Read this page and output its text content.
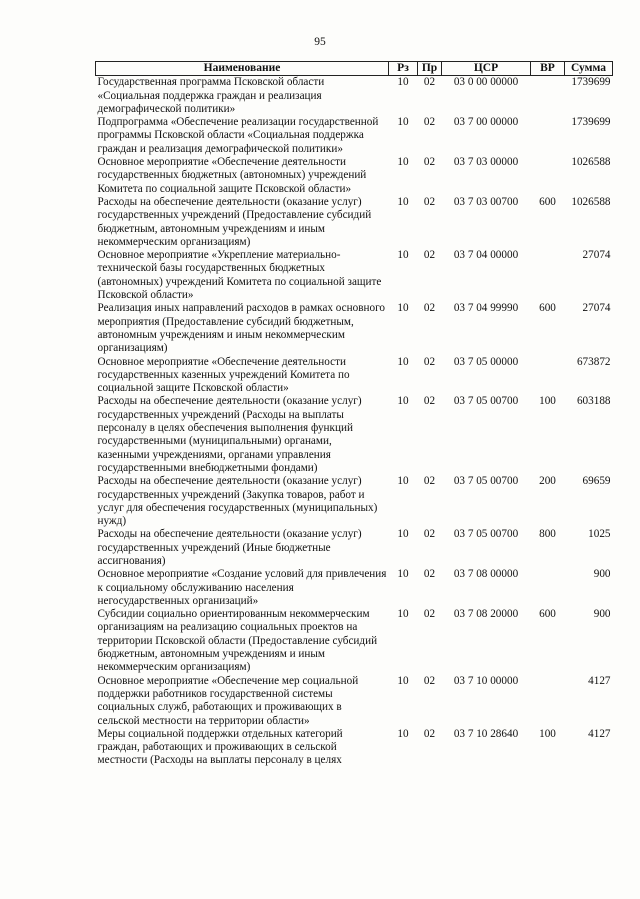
95
Наименование	Рз	Пр	ЦСР	ВР	Сумма
Государственная программа Псковской области «Социальная поддержка граждан и реализация демографической политики»	10	02	03 0 00 00000		1739699
Подпрограмма «Обеспечение реализации государственной программы Псковской области «Социальная поддержка граждан и реализация демографической политики»	10	02	03 7 00 00000		1739699
Основное мероприятие «Обеспечение деятельности государственных бюджетных (автономных) учреждений Комитета по социальной защите Псковской области»	10	02	03 7 03 00000		1026588
Расходы на обеспечение деятельности (оказание услуг) государственных учреждений (Предоставление субсидий бюджетным, автономным учреждениям и иным некоммерческим организациям)	10	02	03 7 03 00700	600	1026588
Основное мероприятие «Укрепление материально-технической базы государственных бюджетных (автономных) учреждений Комитета по социальной защите Псковской области»	10	02	03 7 04 00000		27074
Реализация иных направлений расходов в рамках основного мероприятия (Предоставление субсидий бюджетным, автономным учреждениям и иным некоммерческим организациям)	10	02	03 7 04 99990	600	27074
Основное мероприятие «Обеспечение деятельности государственных казенных учреждений Комитета по социальной защите Псковской области»	10	02	03 7 05 00000		673872
Расходы на обеспечение деятельности (оказание услуг) государственных учреждений (Расходы на выплаты персоналу в целях обеспечения выполнения функций государственными (муниципальными) органами, казенными учреждениями, органами управления государственными внебюджетными фондами)	10	02	03 7 05 00700	100	603188
Расходы на обеспечение деятельности (оказание услуг) государственных учреждений (Закупка товаров, работ и услуг для обеспечения государственных (муниципальных) нужд)	10	02	03 7 05 00700	200	69659
Расходы на обеспечение деятельности (оказание услуг) государственных учреждений (Иные бюджетные ассигнования)	10	02	03 7 05 00700	800	1025
Основное мероприятие «Создание условий для привлечения к социальному обслуживанию населения негосударственных организаций»	10	02	03 7 08 00000		900
Субсидии социально ориентированным некоммерческим организациям на реализацию социальных проектов на территории Псковской области (Предоставление субсидий бюджетным, автономным учреждениям и иным некоммерческим организациям)	10	02	03 7 08 20000	600	900
Основное мероприятие «Обеспечение мер социальной поддержки работников государственной системы социальных служб, работающих и проживающих в сельской местности на территории области»	10	02	03 7 10 00000		4127
Меры социальной поддержки отдельных категорий граждан, работающих и проживающих в сельской местности (Расходы на выплаты персоналу в целях	10	02	03 7 10 28640	100	4127
